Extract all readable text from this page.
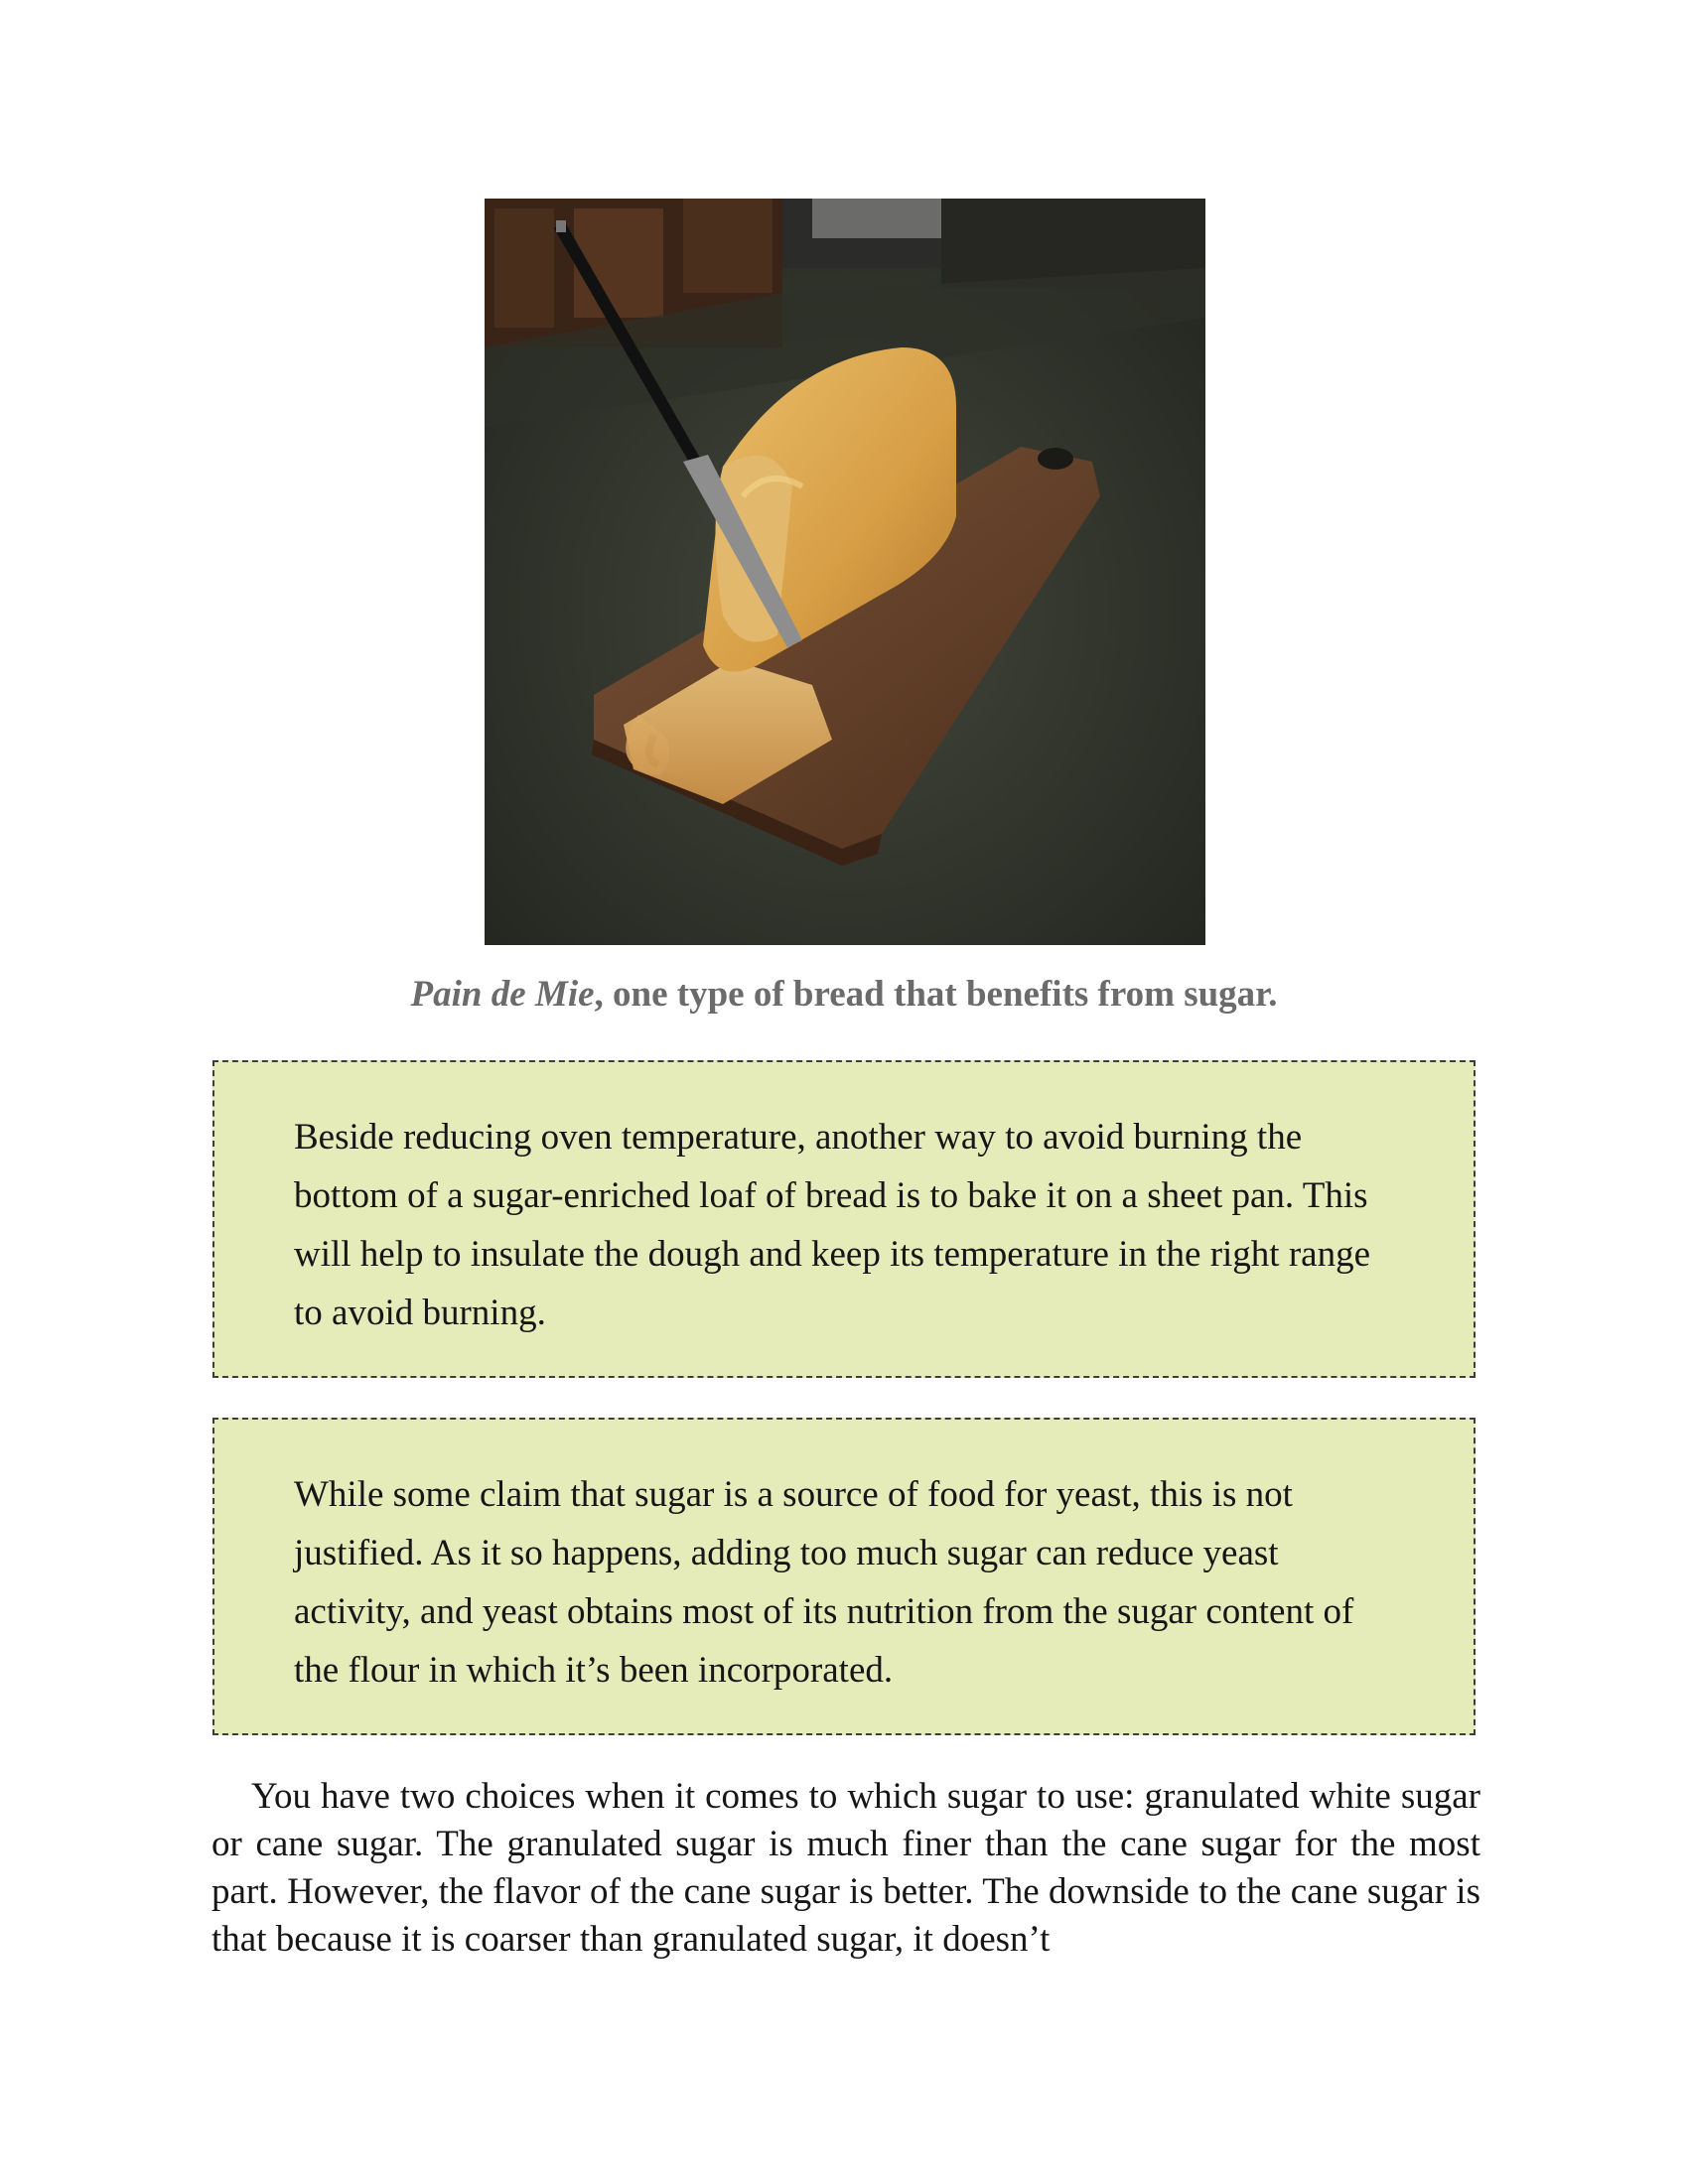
Pain de Mie, one type of bread that benefits from sugar.
Beside reducing oven temperature, another way to avoid burning the bottom of a sugar-enriched loaf of bread is to bake it on a sheet pan. This will help to insulate the dough and keep its temperature in the right range to avoid burning.
While some claim that sugar is a source of food for yeast, this is not justified. As it so happens, adding too much sugar can reduce yeast activity, and yeast obtains most of its nutrition from the sugar content of the flour in which it’s been incorporated.

You have two choices when it comes to which sugar to use: granulated white sugar or cane sugar. The granulated sugar is much finer than the cane sugar for the most part. However, the flavor of the cane sugar is better. The downside to the cane sugar is that because it is coarser than granulated sugar, it doesn’t
